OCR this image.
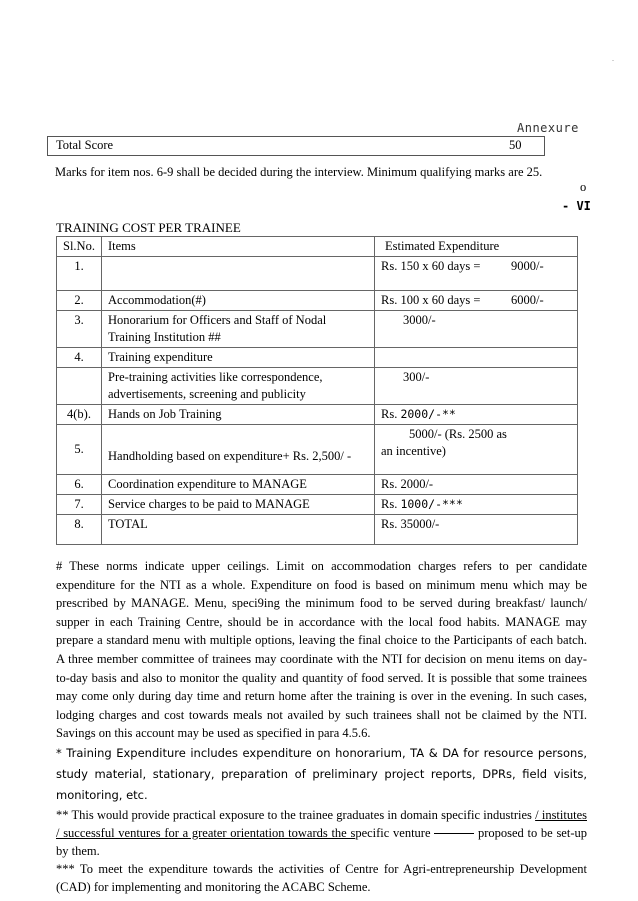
-
Annexure
Total Score	50
Marks for item nos. 6-9 shall be decided during the interview. Minimum qualifying marks are 25.
o
- VI
TRAINING COST PER TRAINEE
Sl.No.	Items	Estimated Expenditure
1.		Rs. 150 x 60 days = 9000/-
2.	Accommodation(#)	Rs. 100 x 60 days = 6000/-
3.	Honorarium for Officers and Staff of Nodal Training Institution ##	3000/-
4.	Training expenditure	
	Pre-training activities like correspondence, advertisements, screening and publicity	300/-
4(b).	Hands on Job Training	Rs. 2000/-**
5.	Handholding based on expenditure+ Rs. 2,500/ -	5000/- (Rs. 2500 as
an incentive)

6.	Coordination expenditure to MANAGE	Rs. 2000/-
7.	Service charges to be paid to MANAGE	Rs. 1000/-***
8.	TOTAL	Rs. 35000/-

# These norms indicate upper ceilings. Limit on accommodation charges refers to per candidate expenditure for the NTI as a whole. Expenditure on food is based on minimum menu which may be prescribed by MANAGE. Menu, speci9ing the minimum food to be served during breakfast/ launch/ supper in each Training Centre, should be in accordance with the local food habits. MANAGE may prepare a standard menu with multiple options, leaving the final choice to the Participants of each batch. A three member committee of trainees may coordinate with the NTI for decision on menu items on day-to-day basis and also to monitor the quality and quantity of food served. It is possible that some trainees may come only during day time and return home after the training is over in the evening. In such cases, lodging charges and cost towards meals not availed by such trainees shall not be claimed by the NTI. Savings on this account may be used as specified in para 4.5.6.

* Training Expenditure includes expenditure on honorarium, TA & DA for resource persons, study material, stationary, preparation of preliminary project reports, DPRs, field visits, monitoring, etc.

** This would provide practical exposure to the trainee graduates in domain specific industries / institutes / successful ventures for a greater orientation towards the specific venture	proposed to be set-up by them.

*** To meet the expenditure towards the activities of Centre for Agri-entrepreneurship Development (CAD) for implementing and monitoring the ACABC Scheme.
